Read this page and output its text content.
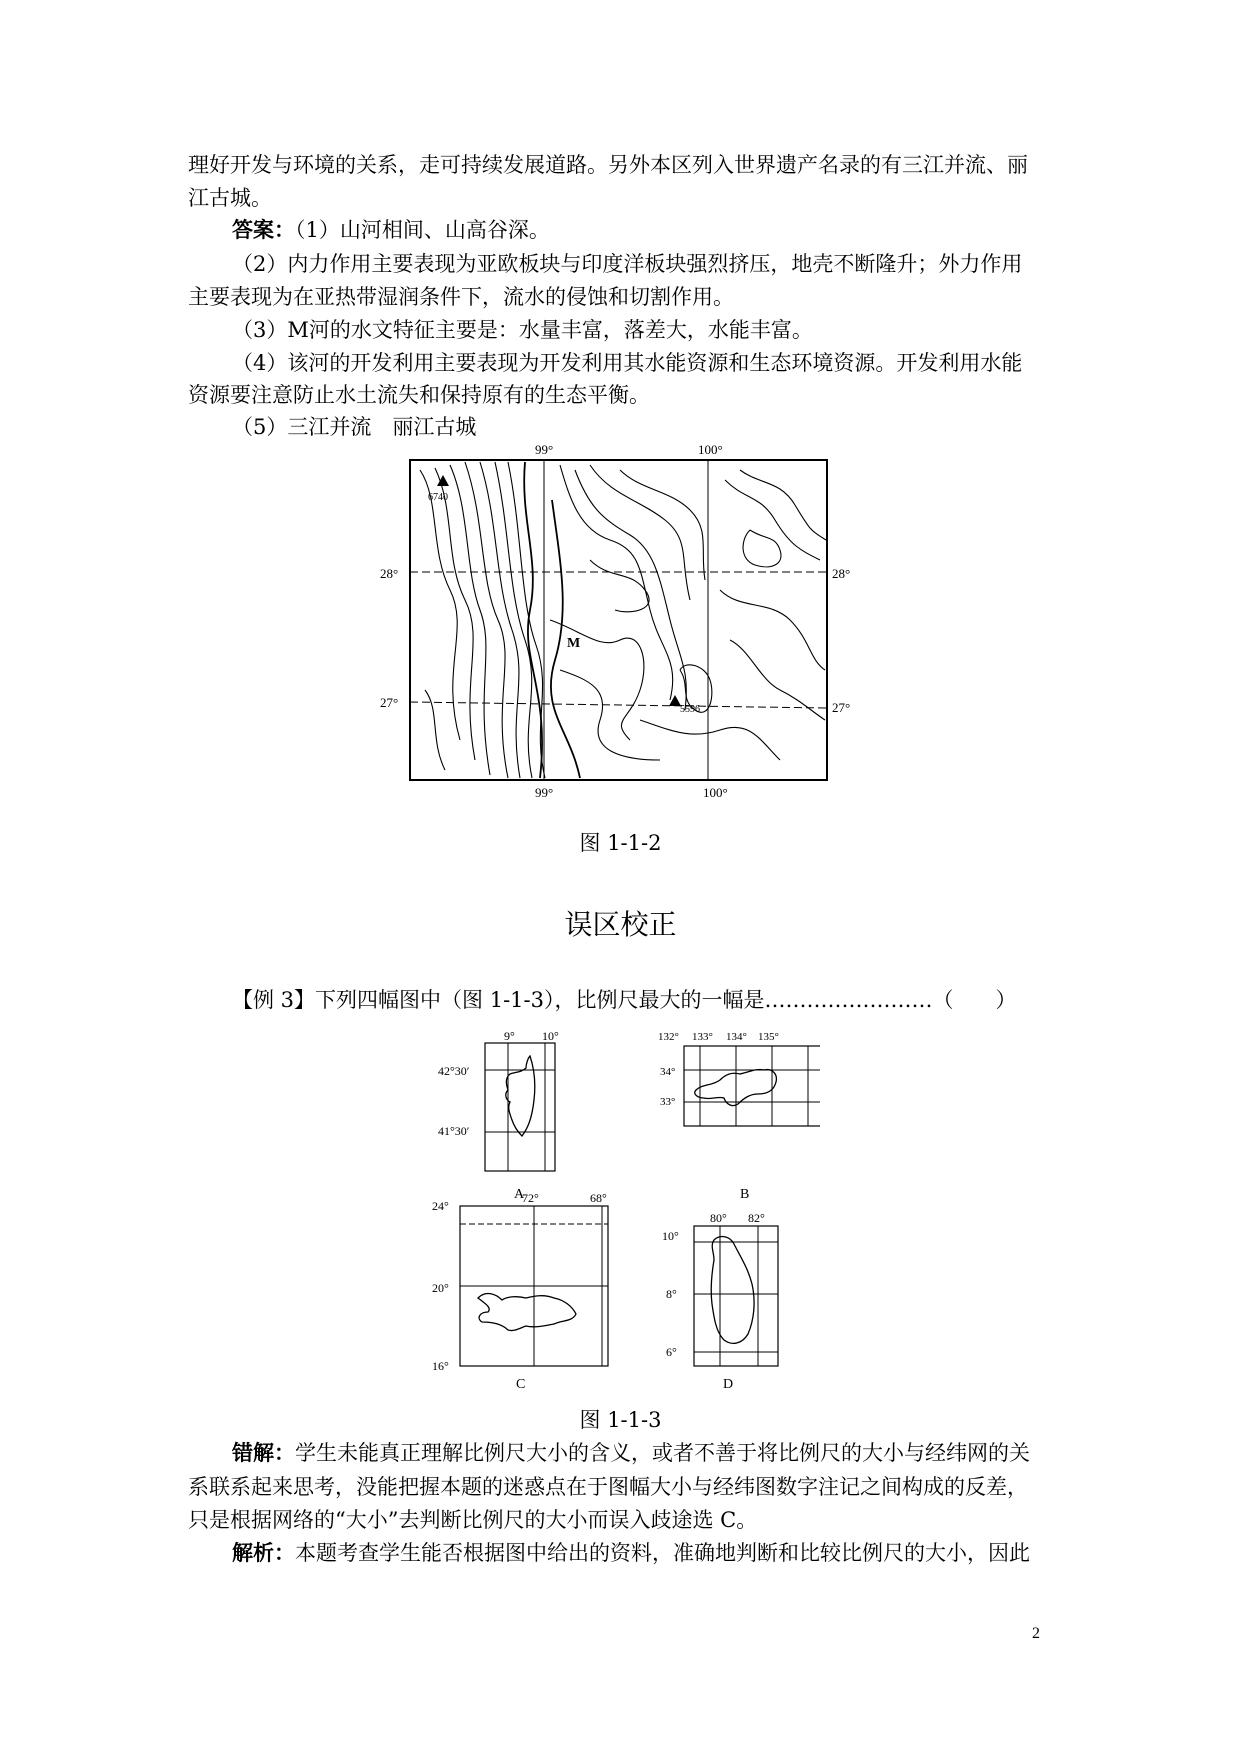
理好开发与环境的关系，走可持续发展道路。另外本区列入世界遗产名录的有三江并流、丽
江古城。
答案：（1）山河相间、山高谷深。
（2）内力作用主要表现为亚欧板块与印度洋板块强烈挤压，地壳不断隆升；外力作用
主要表现为在亚热带湿润条件下，流水的侵蚀和切割作用。
（3）M河的水文特征主要是：水量丰富，落差大，水能丰富。
（4）该河的开发利用主要表现为开发利用其水能资源和生态环境资源。开发利用水能
资源要注意防止水土流失和保持原有的生态平衡。
（5）三江并流　丽江古城
99°	100°
28°	28°
27°	27°
99°	100°
6740
5596
M
图 1-1-2
误区校正
【例 3】下列四幅图中（图 1-1-3），比例尺最大的一幅是……………………（　　）
9° 10°
42°30′
41°30′
A
132° 133° 134° 135°
34°
33°
B
72°	68°
24°
20°
16°
C
80° 82°
10°
8°
6°
D
图 1-1-3
错解：学生未能真正理解比例尺大小的含义，或者不善于将比例尺的大小与经纬网的关
系联系起来思考，没能把握本题的迷惑点在于图幅大小与经纬图数字注记之间构成的反差，
只是根据网络的“大小”去判断比例尺的大小而误入歧途选 C。
解析：本题考查学生能否根据图中给出的资料，准确地判断和比较比例尺的大小，因此
2
